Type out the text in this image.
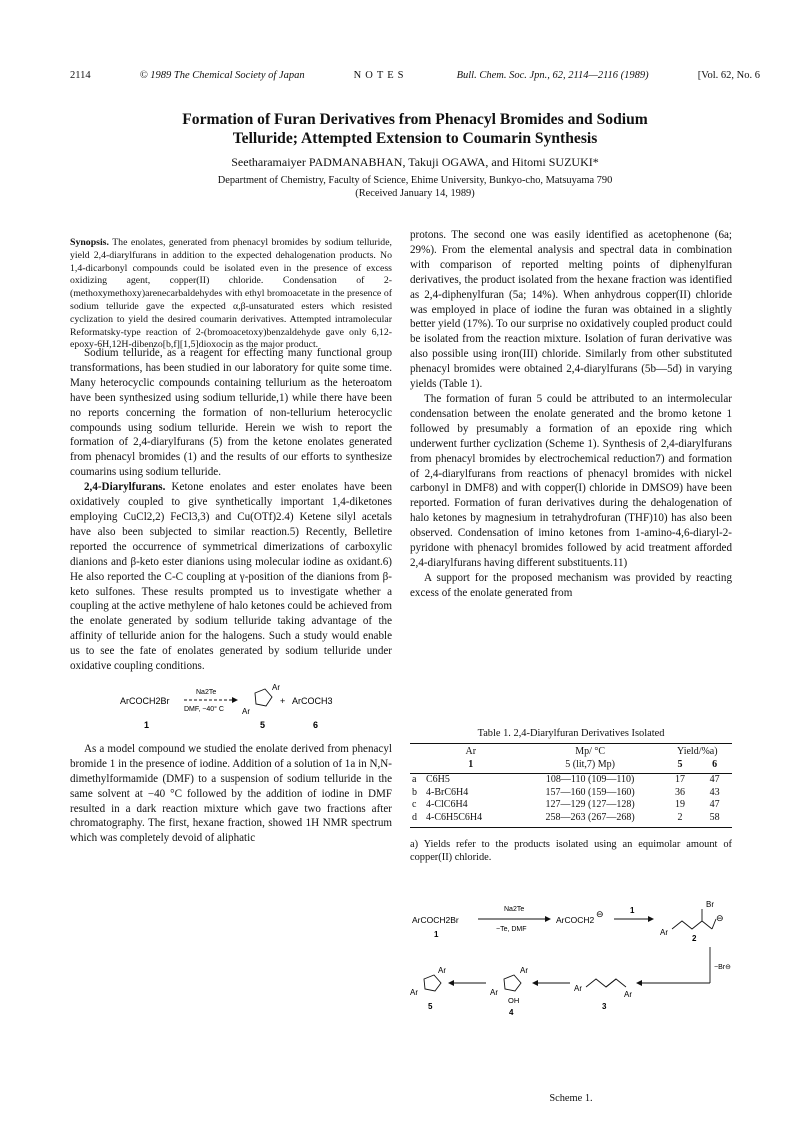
2114	© 1989 The Chemical Society of Japan	NOTES	Bull. Chem. Soc. Jpn., 62, 2114—2116 (1989)	[Vol. 62, No. 6
Formation of Furan Derivatives from Phenacyl Bromides and Sodium
Telluride; Attempted Extension to Coumarin Synthesis
Seetharamaiyer PADMANABHAN, Takuji OGAWA, and Hitomi SUZUKI*
Department of Chemistry, Faculty of Science, Ehime University, Bunkyo-cho, Matsuyama 790
(Received January 14, 1989)
Synopsis. The enolates, generated from phenacyl bromides by sodium telluride, yield 2,4-diarylfurans in addition to the expected dehalogenation products. No 1,4-dicarbonyl compounds could be isolated even in the presence of excess oxidizing agent, copper(II) chloride. Condensation of 2-(methoxymethoxy)arenecarbaldehydes with ethyl bromoacetate in the presence of sodium telluride gave the expected α,β-unsaturated esters which resisted cyclization to yield the desired coumarin derivatives. Attempted intramolecular Reformatsky-type reaction of 2-(bromoacetoxy)benzaldehyde gave only 6,12-epoxy-6H,12H-dibenzo[b,f][1,5]dioxocin as the major product.

Sodium telluride, as a reagent for effecting many functional group transformations, has been studied in our laboratory for quite some time. Many heterocyclic compounds containing tellurium as the heteroatom have been synthesized using sodium telluride,1) while there have been no reports concerning the formation of non-tellurium heterocyclic compounds using sodium telluride. Herein we wish to report the formation of 2,4-diarylfurans (5) from the ketone enolates generated from phenacyl bromides (1) and the results of our efforts to synthesize coumarins using sodium telluride.

2,4-Diarylfurans. Ketone enolates and ester enolates have been oxidatively coupled to give synthetically important 1,4-diketones employing CuCl2,2) FeCl3,3) and Cu(OTf)2.4) Ketene silyl acetals have also been subjected to similar reaction.5) Recently, Belletire reported the occurrence of symmetrical dimerizations of carboxylic dianions and β-keto ester dianions using molecular iodine as oxidant.6) He also reported the C-C coupling at γ-position of the dianions from β-keto sulfones. These results prompted us to investigate whether a coupling at the active methylene of halo ketones could be achieved from the enolate generated by sodium telluride taking advantage of the affinity of telluride anion for the halogens. Such a study would enable us to see the fate of enolates generated by sodium telluride under oxidative coupling conditions.

ArCOCH2Br
Na2Te
DMF, −40° C
Ar
Ar
+ ArCOCH3
1	5	6

As a model compound we studied the enolate derived from phenacyl bromide 1 in the presence of iodine. Addition of a solution of 1a in N,N-dimethylformamide (DMF) to a suspension of sodium telluride in the same solvent at −40 °C followed by the addition of iodine in DMF resulted in a dark reaction mixture which gave two fractions after chromatography. The first, hexane fraction, showed 1H NMR spectrum which was completely devoid of aliphatic

protons. The second one was easily identified as acetophenone (6a; 29%). From the elemental analysis and spectral data in combination with comparison of reported melting points of diphenylfuran derivatives, the product isolated from the hexane fraction was identified as 2,4-diphenylfuran (5a; 14%). When anhydrous copper(II) chloride was employed in place of iodine the furan was obtained in a slightly better yield (17%). To our surprise no oxidatively coupled product could be isolated from the reaction mixture. Isolation of furan derivative was also possible using iron(III) chloride. Similarly from other substituted phenacyl bromides were obtained 2,4-diarylfurans (5b—5d) in varying yields (Table 1).

The formation of furan 5 could be attributed to an intermolecular condensation between the enolate generated and the bromo ketone 1 followed by presumably a formation of an epoxide ring which underwent further cyclization (Scheme 1). Synthesis of 2,4-diarylfurans from phenacyl bromides by electrochemical reduction7) and formation of 2,4-diarylfurans from reactions of phenacyl bromides with nickel carbonyl in DMF8) and with copper(I) chloride in DMSO9) have been reported. Formation of furan derivatives during the dehalogenation of halo ketones by magnesium in tetrahydrofuran (THF)10) has also been observed. Condensation of imino ketones from 1-amino-4,6-diaryl-2-pyridone with phenacyl bromides followed by acid treatment afforded 2,4-diarylfurans having different substituents.11)

A support for the proposed mechanism was provided by reacting excess of the enolate generated from

Table 1. 2,4-Diarylfuran Derivatives Isolated
	Ar	Mp/ °C	Yield/%a)	
	1	5 (lit,7) Mp)	5	6
a	C6H5	108—110 (109—110)	17	47
b	4-BrC6H4	157—160 (159—160)	36	43
c	4-ClC6H4	127—129 (127—128)	19	47
d	4-C6H5C6H4	258—263 (267—268)	2	58
a) Yields refer to the products isolated using an equimolar amount of copper(II) chloride.
ArCOCH2Br
1
Na2Te
−Te, DMF
ArCOCH2
⊖	1
Br
Ar
⊖
2
−Br⊖
Ar
Ar
3
Ar
Ar
OH
4
Ar
Ar
5
Scheme 1.
